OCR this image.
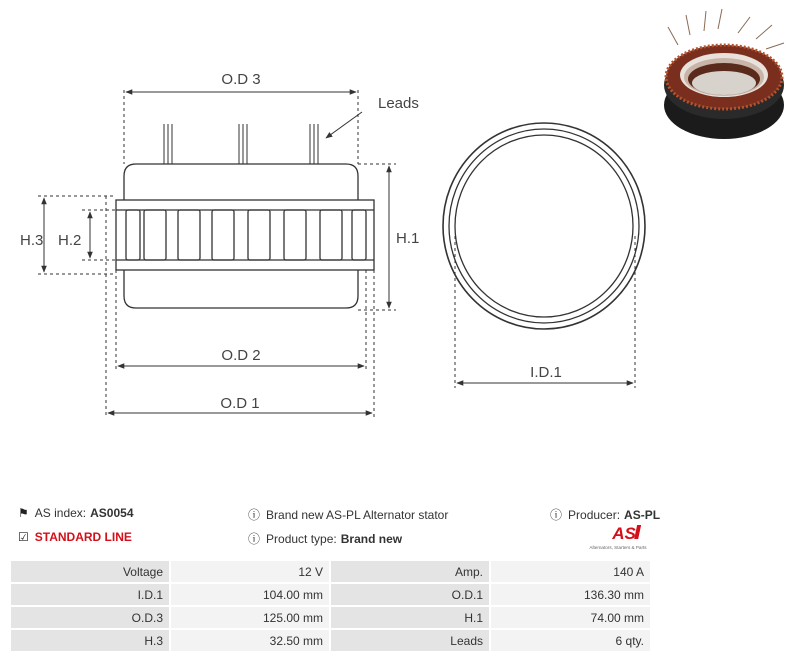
O.D 3
Leads
H.3 H.2	H.1
O.D 2
O.D 1
I.D.1
⚑ AS index: AS0054
☑ STANDARD LINE
ⓘ Brand new AS-PL Alternator stator
ⓘ Product type: Brand new
ⓘ Producer: AS-PL
AS
Alternators, Starters & Parts
Voltage	12 V	Amp.	140 A
I.D.1	104.00 mm	O.D.1	136.30 mm
O.D.3	125.00 mm	H.1	74.00 mm
H.3	32.50 mm	Leads	6 qty.
